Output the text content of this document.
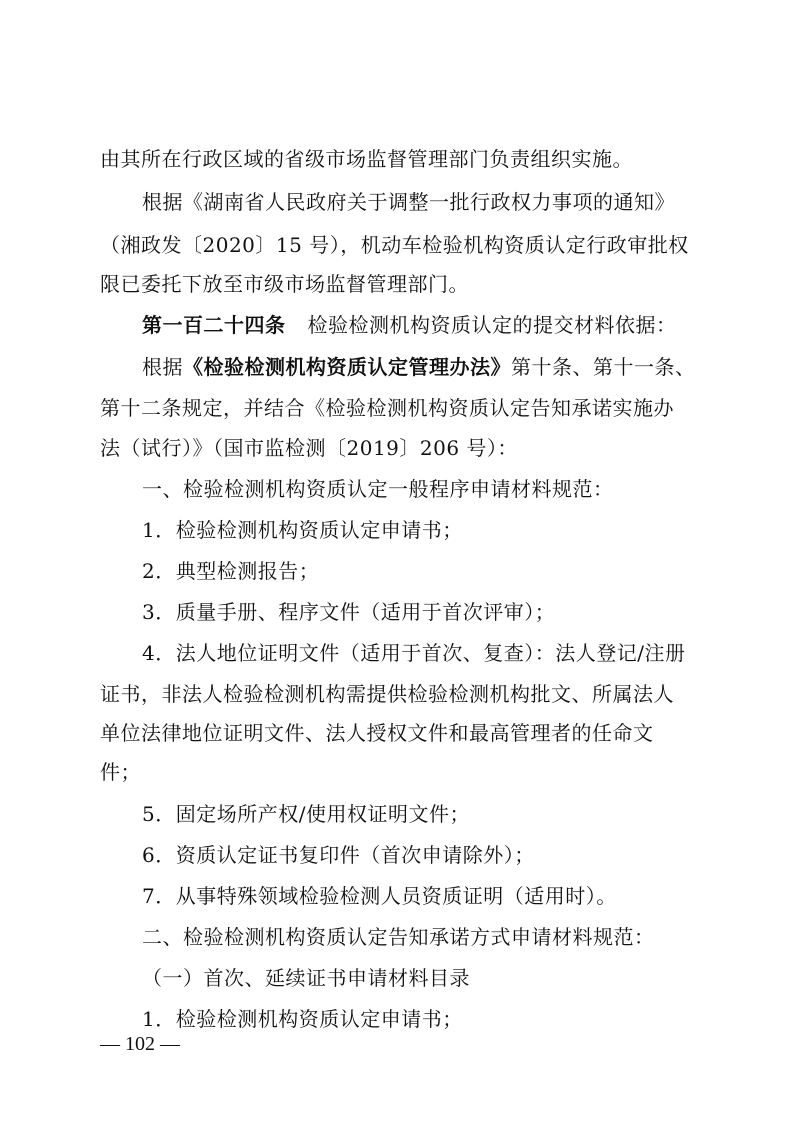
由其所在行政区域的省级市场监督管理部门负责组织实施。
根据《湖南省人民政府关于调整一批行政权力事项的通知》
（湘政发〔2020〕15 号），机动车检验机构资质认定行政审批权
限已委托下放至市级市场监督管理部门。
第一百二十四条 检验检测机构资质认定的提交材料依据：
根据《检验检测机构资质认定管理办法》第十条、第十一条、
第十二条规定，并结合《检验检测机构资质认定告知承诺实施办
法（试行）》（国市监检测〔2019〕206 号）：
一、检验检测机构资质认定一般程序申请材料规范：
1．检验检测机构资质认定申请书；
2．典型检测报告；
3．质量手册、程序文件（适用于首次评审）；
4．法人地位证明文件（适用于首次、复查）：法人登记/注册
证书，非法人检验检测机构需提供检验检测机构批文、所属法人
单位法律地位证明文件、法人授权文件和最高管理者的任命文
件；
5．固定场所产权/使用权证明文件；
6．资质认定证书复印件（首次申请除外）；
7．从事特殊领域检验检测人员资质证明（适用时）。
二、检验检测机构资质认定告知承诺方式申请材料规范：
（一）首次、延续证书申请材料目录
1．检验检测机构资质认定申请书；
— 102 —
